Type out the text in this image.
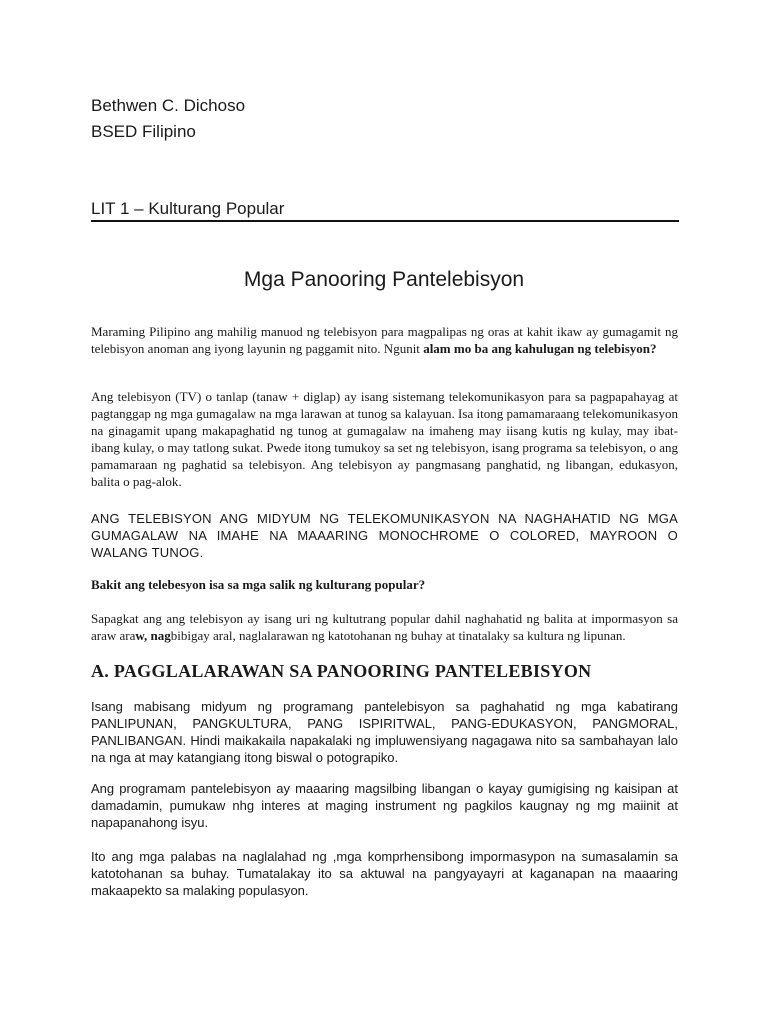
Bethwen C. Dichoso
BSED Filipino
LIT 1 – Kulturang Popular
Mga Panooring Pantelebisyon

Maraming Pilipino ang mahilig manuod ng telebisyon para magpalipas ng oras at kahit ikaw ay gumagamit ng telebisyon anoman ang iyong layunin ng paggamit nito. Ngunit alam mo ba ang kahulugan ng telebisyon?

Ang telebisyon (TV) o tanlap (tanaw + diglap) ay isang sistemang telekomunikasyon para sa pagpapahayag at pagtanggap ng mga gumagalaw na mga larawan at tunog sa kalayuan. Isa itong pamamaraang telekomunikasyon na ginagamit upang makapaghatid ng tunog at gumagalaw na imaheng may iisang kutis ng kulay, may ibat-ibang kulay, o may tatlong sukat. Pwede itong tumukoy sa set ng telebisyon, isang programa sa telebisyon, o ang pamamaraan ng paghatid sa telebisyon. Ang telebisyon ay pangmasang panghatid, ng libangan, edukasyon, balita o pag-alok.

ANG TELEBISYON ANG MIDYUM NG TELEKOMUNIKASYON NA NAGHAHATID NG MGA GUMAGALAW NA IMAHE NA MAAARING MONOCHROME O COLORED, MAYROON O WALANG TUNOG.

Bakit ang telebesyon isa sa mga salik ng kulturang popular?

Sapagkat ang ang telebisyon ay isang uri ng kultutrang popular dahil naghahatid ng balita at impormasyon sa araw araw, nagbibigay aral, naglalarawan ng katotohanan ng buhay at tinatalaky sa kultura ng lipunan.

A. PAGGLALARAWAN SA PANOORING PANTELEBISYON

Isang mabisang midyum ng programang pantelebisyon sa paghahatid ng mga kabatirang PANLIPUNAN, PANGKULTURA, PANG ISPIRITWAL, PANG-EDUKASYON, PANGMORAL, PANLIBANGAN. Hindi maikakaila napakalaki ng impluwensiyang nagagawa nito sa sambahayan lalo na nga at may katangiang itong biswal o potograpiko.

Ang programam pantelebisyon ay maaaring magsilbing libangan o kayay gumigising ng kaisipan at damadamin, pumukaw nhg interes at maging instrument ng pagkilos kaugnay ng mg maiinit at napapanahong isyu.

Ito ang mga palabas na naglalahad ng ,mga komprhensibong impormasypon na sumasalamin sa katotohanan sa buhay. Tumatalakay ito sa aktuwal na pangyayayri at kaganapan na maaaring makaapekto sa malaking populasyon.
